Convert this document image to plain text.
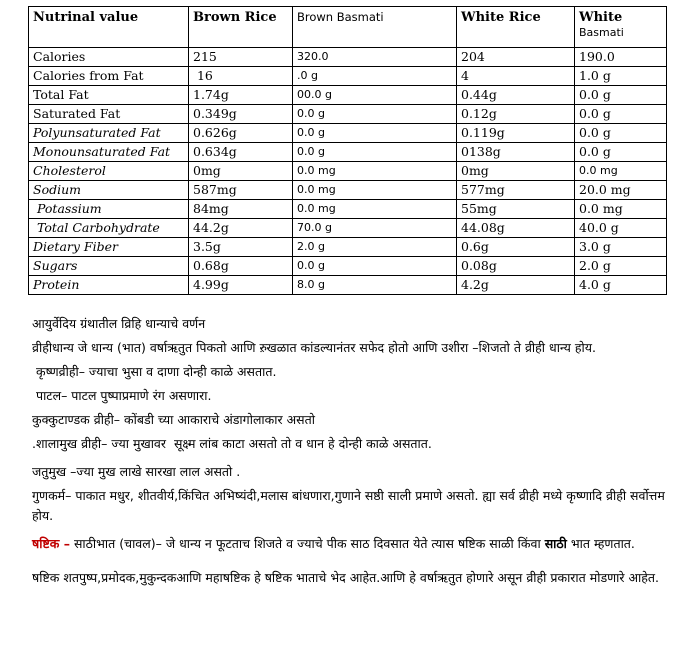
Nutrinal value	Brown Rice	Brown Basmati	White Rice	White
Basmati

Calories	215	320.0	204	190.0
Calories from Fat	16	.0 g	4	1.0 g
Total Fat	1.74g	00.0 g	0.44g	0.0 g
Saturated Fat	0.349g	0.0 g	0.12g	0.0 g
Polyunsaturated Fat	0.626g	0.0 g	0.119g	0.0 g
Monounsaturated Fat	0.634g	0.0 g	0138g	0.0 g
Cholesterol	0mg	0.0 mg	0mg	0.0 mg
Sodium	587mg	0.0 mg	577mg	20.0 mg
Potassium	84mg	0.0 mg	55mg	0.0 mg
Total Carbohydrate	44.2g	70.0 g	44.08g	40.0 g
Dietary Fiber	3.5g	2.0 g	0.6g	3.0 g
Sugars	0.68g	0.0 g	0.08g	2.0 g
Protein	4.99g	8.0 g	4.2g	4.0 g

आयुर्वेदिय ग्रंथातील व्रिहि धान्याचे वर्णन

व्रीहीधान्य जे धान्य (भात) वर्षाऋतुत पिकतो आणि ऱुखळात कांडल्यानंतर सफेद होतो आणि उशीरा –शिजतो ते व्रीही धान्य होय.

कृष्णव्रीही– ज्याचा भुसा व दाणा दोन्ही काळे असतात.

पाटल– पाटल पुष्पाप्रमाणे रंग असणारा.

कुक्कुटाण्डक व्रीही– कोंबडी च्या आकाराचे अंडागोलाकार असतो

.शालामुख व्रीही– ज्या मुखावर  सूक्ष्म लांब काटा असतो तो व धान हे दोन्ही काळे असतात.

जतुमुख –ज्या मुख लाखे सारखा लाल असतो .

गुणकर्म– पाकात मधुर, शीतवीर्य,किंचित अभिष्यंदी,मलास बांधणारा,गुणाने सष्ठी साली प्रमाणे असतो. ह्या सर्व व्रीही मध्ये कृष्णादि व्रीही सर्वोत्तम होय.

षष्टिक – साठीभात (चावल)– जे धान्य न फूटताच शिजते व ज्याचे पीक साठ दिवसात येते त्यास षष्टिक साळी किंवा साठी भात म्हणतात.

षष्टिक शतपुष्प,प्रमोदक,मुकुन्दकआणि महाषष्टिक हे षष्टिक भाताचे भेद आहेत.आणि हे वर्षाऋतुत होणारे असून व्रीही प्रकारात मोडणारे आहेत.
